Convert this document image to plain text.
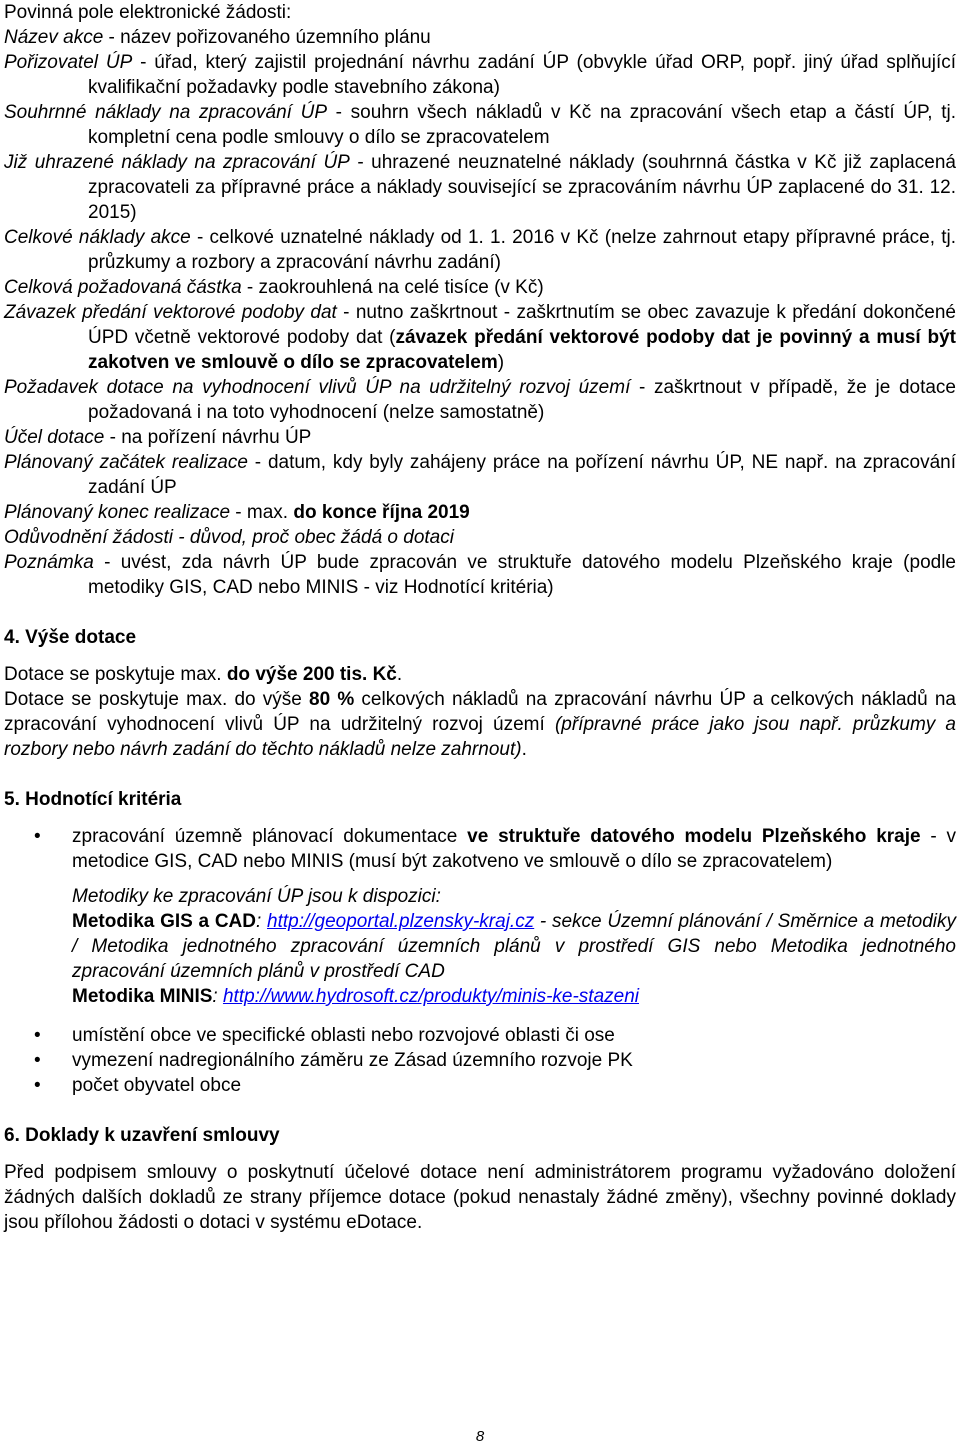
Povinná pole elektronické žádosti:

Název akce - název pořizovaného územního plánu

Pořizovatel ÚP - úřad, který zajistil projednání návrhu zadání ÚP (obvykle úřad ORP, popř. jiný úřad splňující kvalifikační požadavky podle stavebního zákona)

Souhrnné náklady na zpracování ÚP - souhrn všech nákladů v Kč na zpracování všech etap a částí ÚP, tj. kompletní cena podle smlouvy o dílo se zpracovatelem

Již uhrazené náklady na zpracování ÚP - uhrazené neuznatelné náklady (souhrnná částka v Kč již zaplacená zpracovateli za přípravné práce a náklady související se zpracováním návrhu ÚP zaplacené do 31. 12. 2015)

Celkové náklady akce - celkové uznatelné náklady od 1. 1. 2016 v Kč (nelze zahrnout etapy přípravné práce, tj. průzkumy a rozbory a zpracování návrhu zadání)

Celková požadovaná částka - zaokrouhlená na celé tisíce (v Kč)

Závazek předání vektorové podoby dat - nutno zaškrtnout - zaškrtnutím se obec zavazuje k předání dokončené ÚPD včetně vektorové podoby dat (závazek předání vektorové podoby dat je povinný a musí být zakotven ve smlouvě o dílo se zpracovatelem)

Požadavek dotace na vyhodnocení vlivů ÚP na udržitelný rozvoj území - zaškrtnout v případě, že je dotace požadovaná i na toto vyhodnocení (nelze samostatně)

Účel dotace - na pořízení návrhu ÚP

Plánovaný začátek realizace - datum, kdy byly zahájeny práce na pořízení návrhu ÚP, NE např. na zpracování zadání ÚP

Plánovaný konec realizace - max. do konce října 2019

Odůvodnění žádosti - důvod, proč obec žádá o dotaci

Poznámka - uvést, zda návrh ÚP bude zpracován ve struktuře datového modelu Plzeňského kraje (podle metodiky GIS, CAD nebo MINIS - viz Hodnotící kritéria)

4. Výše dotace

Dotace se poskytuje max. do výše 200 tis. Kč.

Dotace se poskytuje max. do výše 80 % celkových nákladů na zpracování návrhu ÚP a celkových nákladů na zpracování vyhodnocení vlivů ÚP na udržitelný rozvoj území (přípravné práce jako jsou např. průzkumy a rozbory nebo návrh zadání do těchto nákladů nelze zahrnout).

5. Hodnotící kritéria

• zpracování územně plánovací dokumentace ve struktuře datového modelu Plzeňského kraje - v metodice GIS, CAD nebo MINIS (musí být zakotveno ve smlouvě o dílo se zpracovatelem)
Metodiky ke zpracování ÚP jsou k dispozici:
Metodika GIS a CAD: http://geoportal.plzensky-kraj.cz - sekce Územní plánování / Směrnice a metodiky / Metodika jednotného zpracování územních plánů v prostředí GIS nebo Metodika jednotného zpracování územních plánů v prostředí CAD
Metodika MINIS: http://www.hydrosoft.cz/produkty/minis-ke-stazeni
• umístění obce ve specifické oblasti nebo rozvojové oblasti či ose
• vymezení nadregionálního záměru ze Zásad územního rozvoje PK
• počet obyvatel obce

6. Doklady k uzavření smlouvy

Před podpisem smlouvy o poskytnutí účelové dotace není administrátorem programu vyžadováno doložení žádných dalších dokladů ze strany příjemce dotace (pokud nenastaly žádné změny), všechny povinné doklady jsou přílohou žádosti o dotaci v systému eDotace.

8
